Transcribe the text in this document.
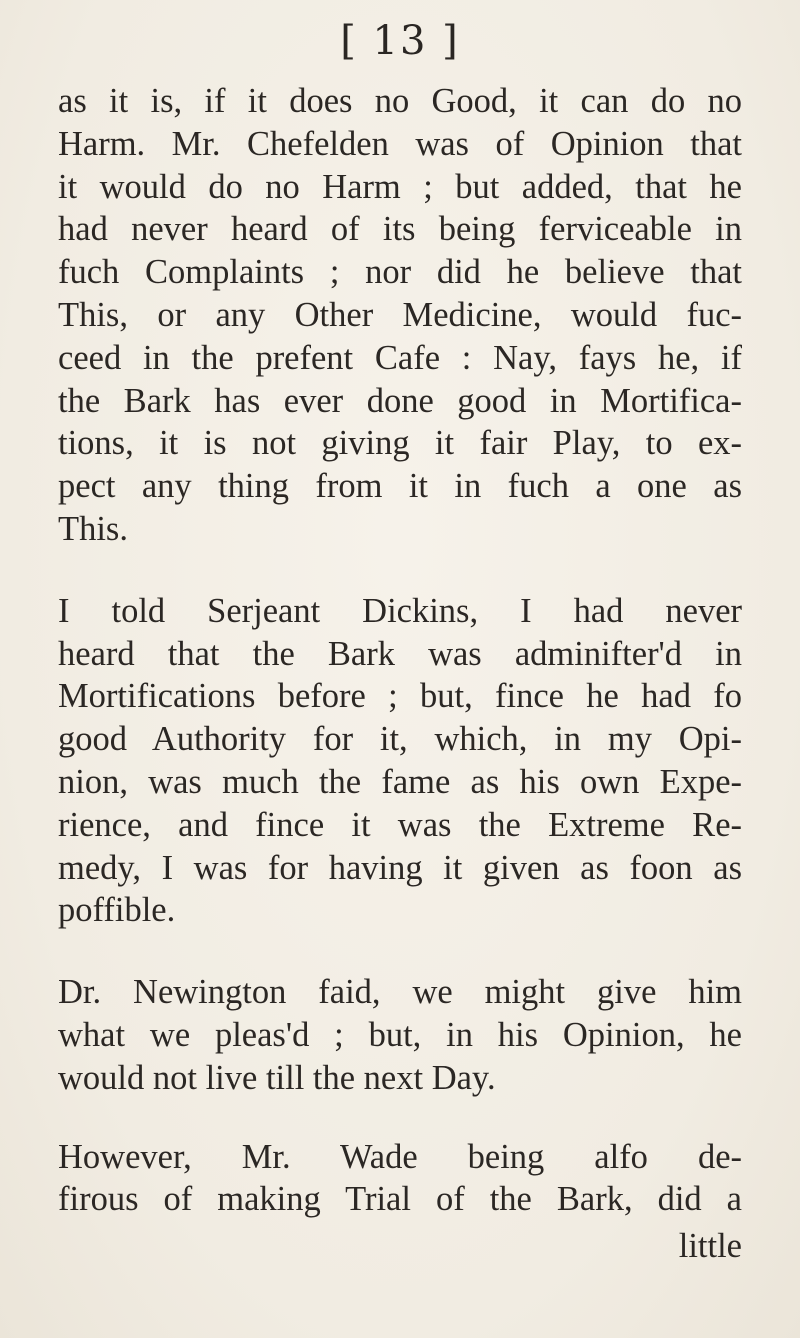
[ 13 ]
as it is, if it does no Good, it can do no
Harm. Mr. Chefelden was of Opinion that
it would do no Harm ; but added, that he
had never heard of its being ferviceable in
fuch Complaints ; nor did he believe that
This, or any Other Medicine, would fuc-
ceed in the prefent Cafe : Nay, fays he, if
the Bark has ever done good in Mortifica-
tions, it is not giving it fair Play, to ex-
pect any thing from it in fuch a one as
This.
I told Serjeant Dickins, I had never
heard that the Bark was adminifter'd in
Mortifications before ; but, fince he had fo
good Authority for it, which, in my Opi-
nion, was much the fame as his own Expe-
rience, and fince it was the Extreme Re-
medy, I was for having it given as foon as
poffible.
Dr. Newington faid, we might give him
what we pleas'd ; but, in his Opinion, he
would not live till the next Day.
However, Mr. Wade being alfo de-
firous of making Trial of the Bark, did a
little
